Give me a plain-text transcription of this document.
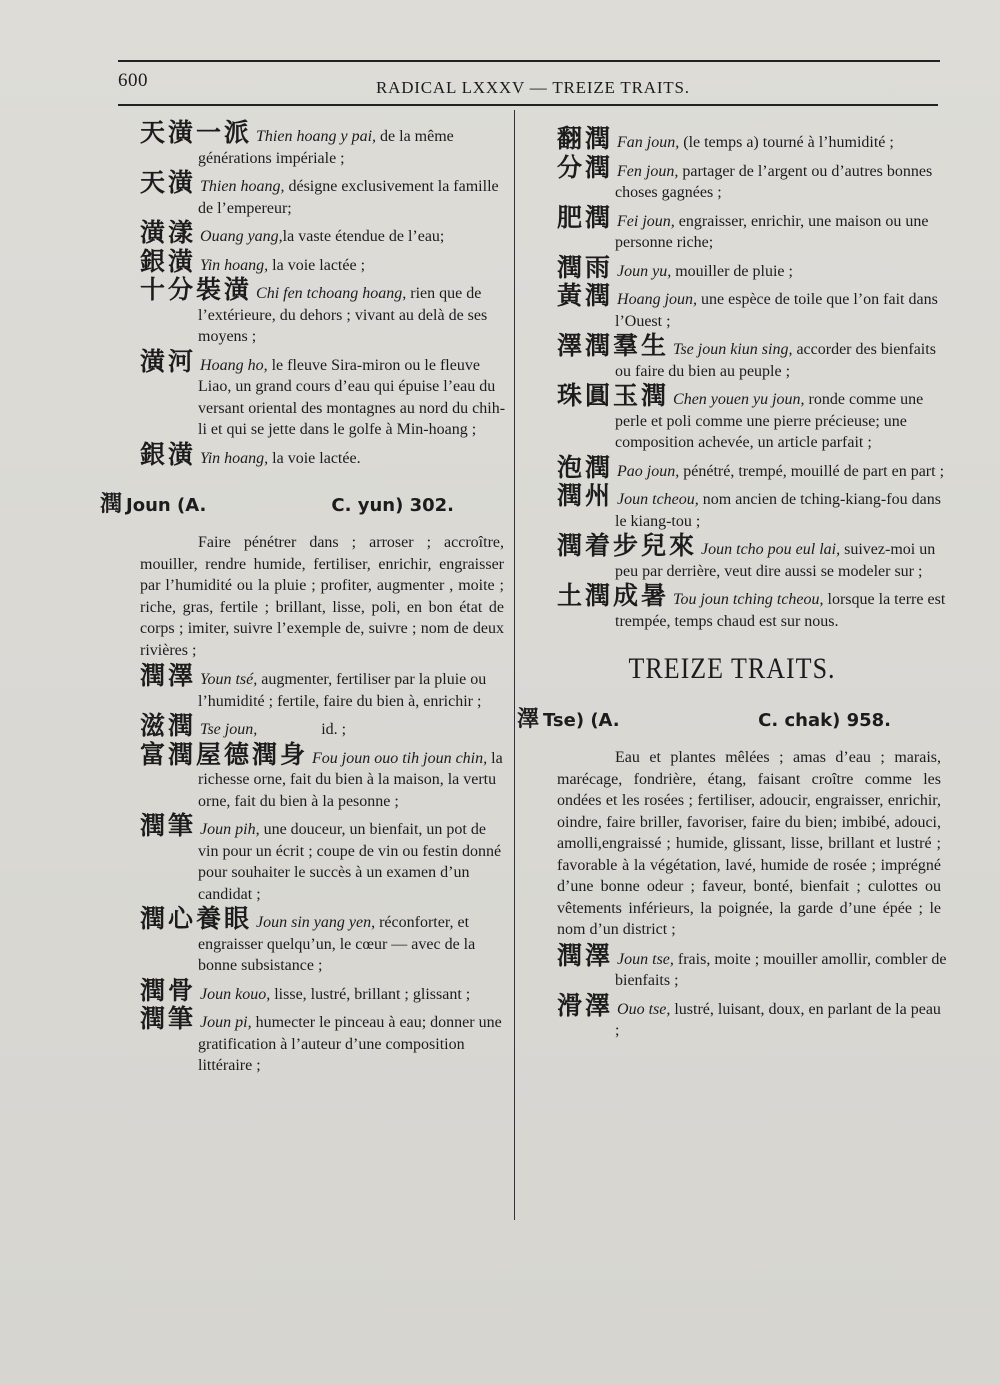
600	RADICAL LXXXV — TREIZE TRAITS.
天潢一派 Thien hoang y pai, de la même générations impériale ;
天潢 Thien hoang, désigne exclusivement la famille de l’empereur;
潢漾 Ouang yang,la vaste étendue de l’eau;
銀潢 Yin hoang, la voie lactée ;
十分裝潢 Chi fen tchoang hoang, rien que de l’extérieure, du dehors ; vivant au delà de ses moyens ;
潢河 Hoang ho, le fleuve Sira-miron ou le fleuve Liao, un grand cours d’eau qui épuise l’eau du versant oriental des montagnes au nord du chih-li et qui se jette dans le golfe à Min-hoang ;
銀潢 Yin hoang, la voie lactée.
潤 Joun (A.	C. yun) 302.

Faire pénétrer dans ; arroser ; accroître, mouiller, rendre humide, fertiliser, enrichir, engraisser par l’humidité ou la pluie ; profiter, augmenter , moite ; riche, gras, fertile ; brillant, lisse, poli, en bon état de corps ; imiter, suivre l’exemple de, suivre ; nom de deux rivières ;

潤澤 Youn tsé, augmenter, fertiliser par la pluie ou l’humidité ; fertile, faire du bien à, enrichir ;
滋潤 Tse joun,                id. ;
富潤屋德潤身 Fou joun ouo tih joun chin, la richesse orne, fait du bien à la maison, la vertu orne, fait du bien à la pesonne ;
潤筆 Joun pih, une douceur, un bienfait, un pot de vin pour un écrit ; coupe de vin ou festin donné pour souhaiter le succès à un examen d’un candidat ;
潤心養眼 Joun sin yang yen, réconforter, et engraisser quelqu’un, le cœur — avec de la bonne subsistance ;
潤骨 Joun kouo, lisse, lustré, brillant ; glissant ;
潤筆 Joun pi, humecter le pinceau à eau; donner une gratification à l’auteur d’une composition littéraire ;
翻潤 Fan joun, (le temps a) tourné à l’humidité ;
分潤 Fen joun, partager de l’argent ou d’autres bonnes choses gagnées ;
肥潤 Fei joun, engraisser, enrichir, une maison ou une personne riche;
潤雨 Joun yu, mouiller de pluie ;
黃潤 Hoang joun, une espèce de toile que l’on fait dans l’Ouest ;
澤潤羣生 Tse joun kiun sing, accorder des bienfaits ou faire du bien au peuple ;
珠圓玉潤 Chen youen yu joun, ronde comme une perle et poli comme une pierre précieuse; une composition achevée, un article parfait ;
泡潤 Pao joun, pénétré, trempé, mouillé de part en part ;
潤州 Joun tcheou, nom ancien de tching-kiang-fou dans le kiang-tou ;
潤着步兒來 Joun tcho pou eul lai, suivez-moi un peu par derrière, veut dire aussi se modeler sur ;
土潤成暑 Tou joun tching tcheou, lorsque la terre est trempée, temps chaud est sur nous.
TREIZE TRAITS.
澤 Tse) (A.	C. chak) 958.

Eau et plantes mêlées ; amas d’eau ; marais, marécage, fondrière, étang, faisant croître comme les ondées et les rosées ; fertiliser, adoucir, engraisser, enrichir, oindre, faire briller, favoriser, faire du bien; imbibé, adouci, amolli,engraissé ; humide, glissant, lisse, brillant et lustré ; favorable à la végétation, lavé, humide de rosée ; imprégné d’une bonne odeur ; faveur, bonté, bienfait ; culottes ou vêtements inférieurs, la poignée, la garde d’une épée ; le nom d’un district ;

潤澤 Joun tse, frais, moite ; mouiller amollir, combler de bienfaits ;
滑澤 Ouo tse, lustré, luisant, doux, en parlant de la peau ;
